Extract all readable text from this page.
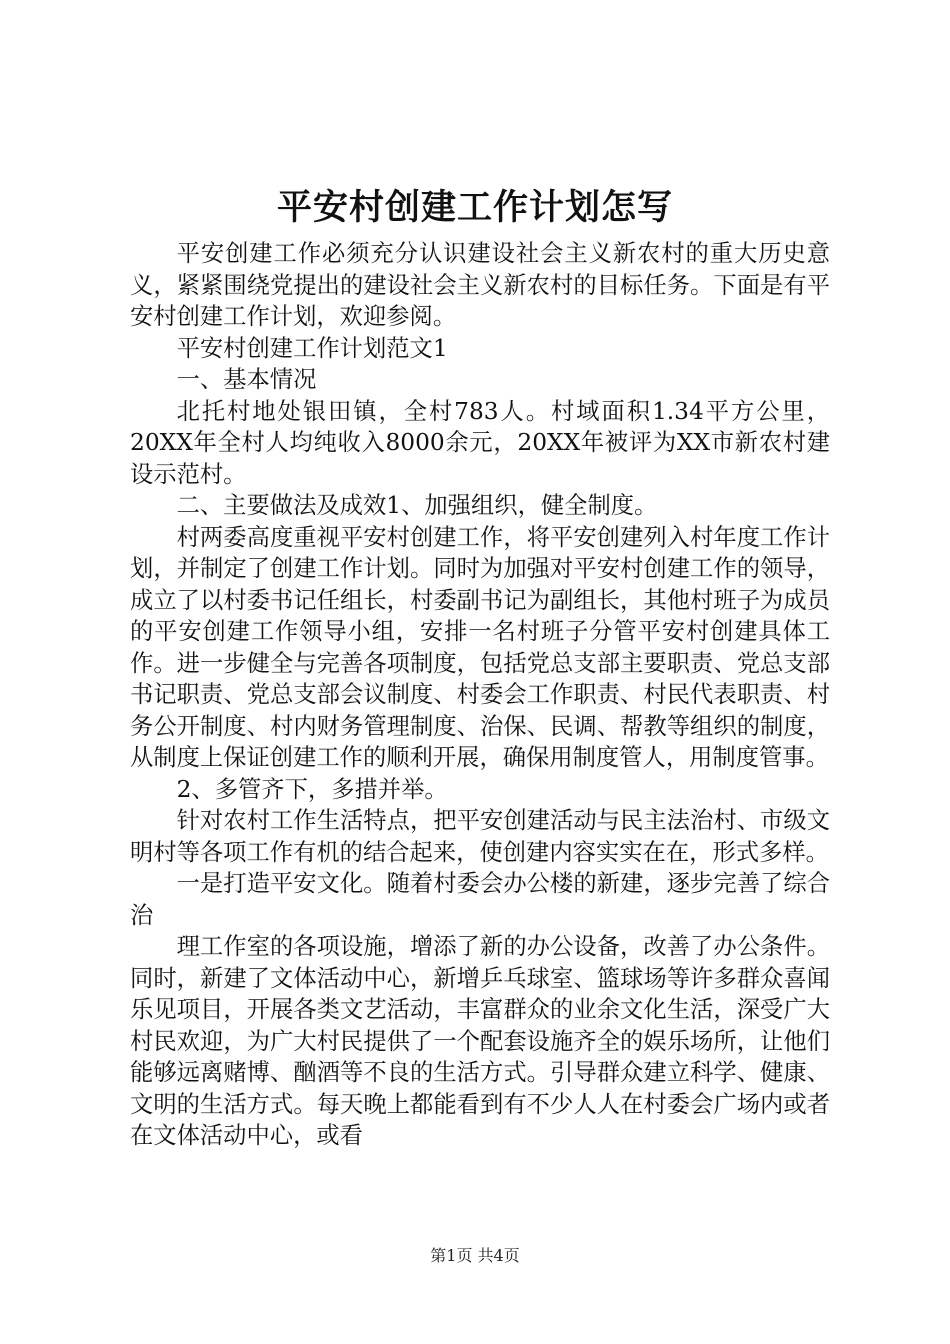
平安村创建工作计划怎写

平安创建工作必须充分认识建设社会主义新农村的重大历史意义，紧紧围绕党提出的建设社会主义新农村的目标任务。下面是有平安村创建工作计划，欢迎参阅。

平安村创建工作计划范文1

一、基本情况

北托村地处银田镇，全村783人。村域面积1.34平方公里，20XX年全村人均纯收入8000余元，20XX年被评为XX市新农村建设示范村。

二、主要做法及成效1、加强组织，健全制度。

村两委高度重视平安村创建工作，将平安创建列入村年度工作计划，并制定了创建工作计划。同时为加强对平安村创建工作的领导，成立了以村委书记任组长，村委副书记为副组长，其他村班子为成员的平安创建工作领导小组，安排一名村班子分管平安村创建具体工作。进一步健全与完善各项制度，包括党总支部主要职责、党总支部书记职责、党总支部会议制度、村委会工作职责、村民代表职责、村务公开制度、村内财务管理制度、治保、民调、帮教等组织的制度，从制度上保证创建工作的顺利开展，确保用制度管人，用制度管事。

2、多管齐下，多措并举。

针对农村工作生活特点，把平安创建活动与民主法治村、市级文明村等各项工作有机的结合起来，使创建内容实实在在，形式多样。

一是打造平安文化。随着村委会办公楼的新建，逐步完善了综合治

理工作室的各项设施，增添了新的办公设备，改善了办公条件。同时，新建了文体活动中心，新增乒乓球室、篮球场等许多群众喜闻乐见项目，开展各类文艺活动，丰富群众的业余文化生活，深受广大村民欢迎，为广大村民提供了一个配套设施齐全的娱乐场所，让他们能够远离赌博、酗酒等不良的生活方式。引导群众建立科学、健康、文明的生活方式。每天晚上都能看到有不少人人在村委会广场内或者在文体活动中心，或看

第1页 共4页
